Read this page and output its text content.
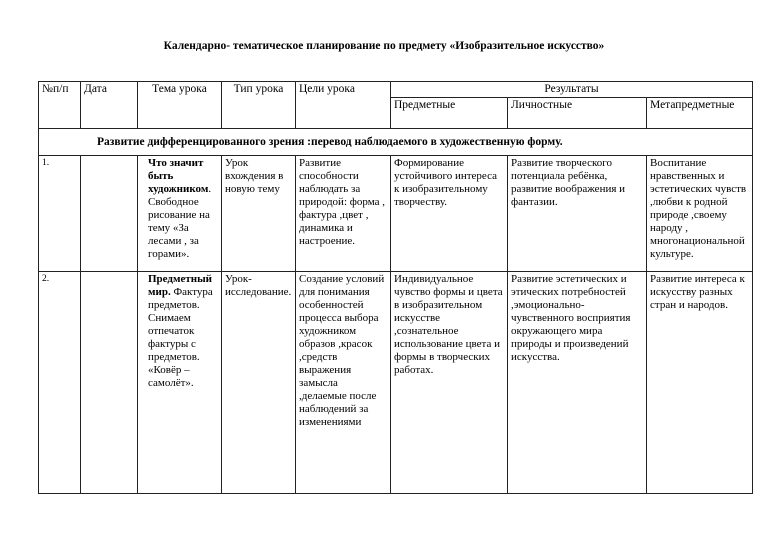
Календарно- тематическое планирование по предмету «Изобразительное искусство»
№п/п	Дата	Тема урока	Тип урока	Цели урока	Результаты		
					Предметные	Личностные	Метапредметные
Развитие дифференцированного зрения :перевод наблюдаемого в художественную форму.							
1.		Что значит быть художником. Свободное рисование на тему «За лесами , за горами».	Урок вхождения в новую тему	Развитие способности наблюдать за природой: форма , фактура ,цвет , динамика и настроение.	Формирование устойчивого интереса к изобразительному творчеству.	Развитие творческого потенциала ребёнка, развитие воображения и фантазии.	Воспитание нравственных и эстетических чувств ,любви к родной природе ,своему народу , многонациональной культуре.
2.		Предметный мир. Фактура предметов. Снимаем отпечаток фактуры с предметов. «Ковёр – самолёт».	Урок-исследование.	Создание условий для понимания особенностей процесса выбора художником образов ,красок ,средств выражения замысла ,делаемые после наблюдений за изменениями	Индивидуальное чувство формы и цвета в изобразительном искусстве ,сознательное использование цвета и формы в творческих работах.	Развитие эстетических и этических потребностей ,эмоционально-чувственного восприятия окружающего мира природы и произведений искусства.	Развитие интереса к искусству разных стран и народов.
